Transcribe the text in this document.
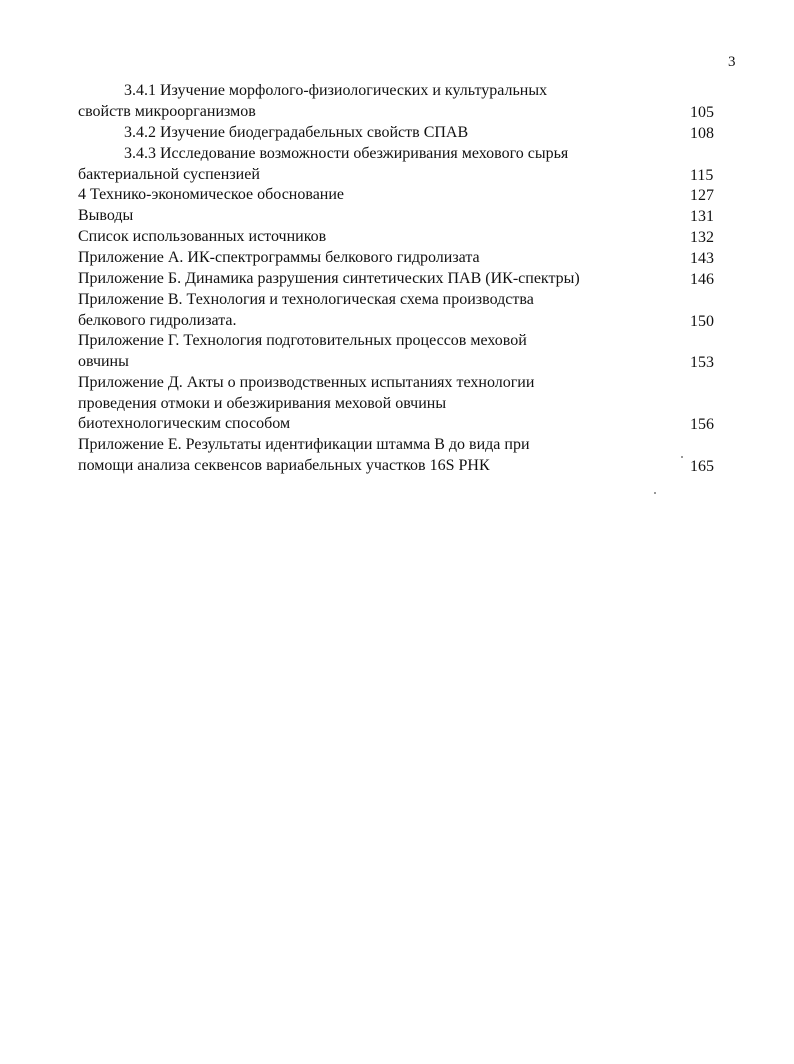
3
3.4.1 Изучение морфолого-физиологических и культуральных
свойств микроорганизмов	105
3.4.2 Изучение биодеградабельных свойств СПАВ	108
3.4.3 Исследование возможности обезжиривания мехового сырья
бактериальной суспензией	115
4 Технико-экономическое обоснование	127
Выводы	131
Список использованных источников	132
Приложение А. ИК-спектрограммы белкового гидролизата	143
Приложение Б. Динамика разрушения синтетических ПАВ (ИК-спектры)	146
Приложение В. Технология и технологическая схема производства
белкового гидролизата.	150
Приложение Г. Технология подготовительных процессов меховой
овчины	153
Приложение Д. Акты о производственных испытаниях технологии
проведения отмоки и обезжиривания меховой овчины
биотехнологическим способом	156
Приложение Е. Результаты идентификации штамма В до вида при
помощи анализа секвенсов вариабельных участков 16S РНК	165
